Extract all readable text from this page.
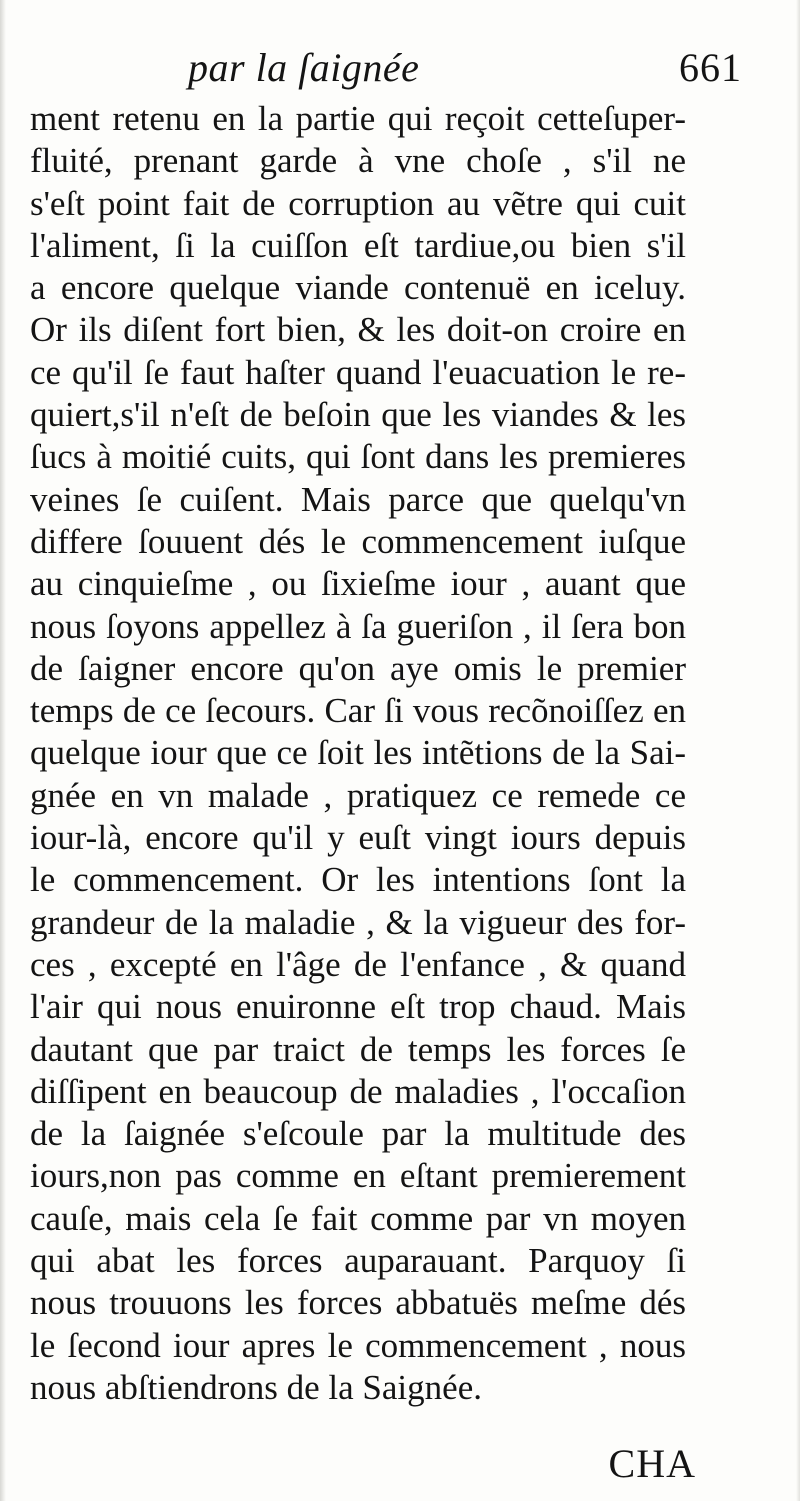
par la ſaignée	661
ment retenu en la partie qui reçoit cetteſuper-
fluité, prenant garde à vne choſe , s'il ne
s'eſt point fait de corruption au vẽtre qui cuit
l'aliment, ſi la cuiſſon eſt tardiue,ou bien s'il
a encore quelque viande contenuë en iceluy.
Or ils diſent fort bien, & les doit-on croire en
ce qu'il ſe faut haſter quand l'euacuation le re-
quiert,s'il n'eſt de beſoin que les viandes & les
ſucs à moitié cuits, qui ſont dans les premieres
veines ſe cuiſent. Mais parce que quelqu'vn
differe ſouuent dés le commencement iuſque
au cinquieſme , ou ſixieſme iour , auant que
nous ſoyons appellez à ſa gueriſon , il ſera bon
de ſaigner encore qu'on aye omis le premier
temps de ce ſecours. Car ſi vous recõnoiſſez en
quelque iour que ce ſoit les intẽtions de la Sai-
gnée en vn malade , pratiquez ce remede ce
iour-là, encore qu'il y euſt vingt iours depuis
le commencement. Or les intentions ſont la
grandeur de la maladie , & la vigueur des for-
ces , excepté en l'âge de l'enfance , & quand
l'air qui nous enuironne eſt trop chaud. Mais
dautant que par traict de temps les forces ſe
diſſipent en beaucoup de maladies , l'occaſion
de la ſaignée s'eſcoule par la multitude des
iours,non pas comme en eſtant premierement
cauſe, mais cela ſe fait comme par vn moyen
qui abat les forces auparauant. Parquoy ſi
nous trouuons les forces abbatuës meſme dés
le ſecond iour apres le commencement , nous
nous abſtiendrons de la Saignée.
CHA
